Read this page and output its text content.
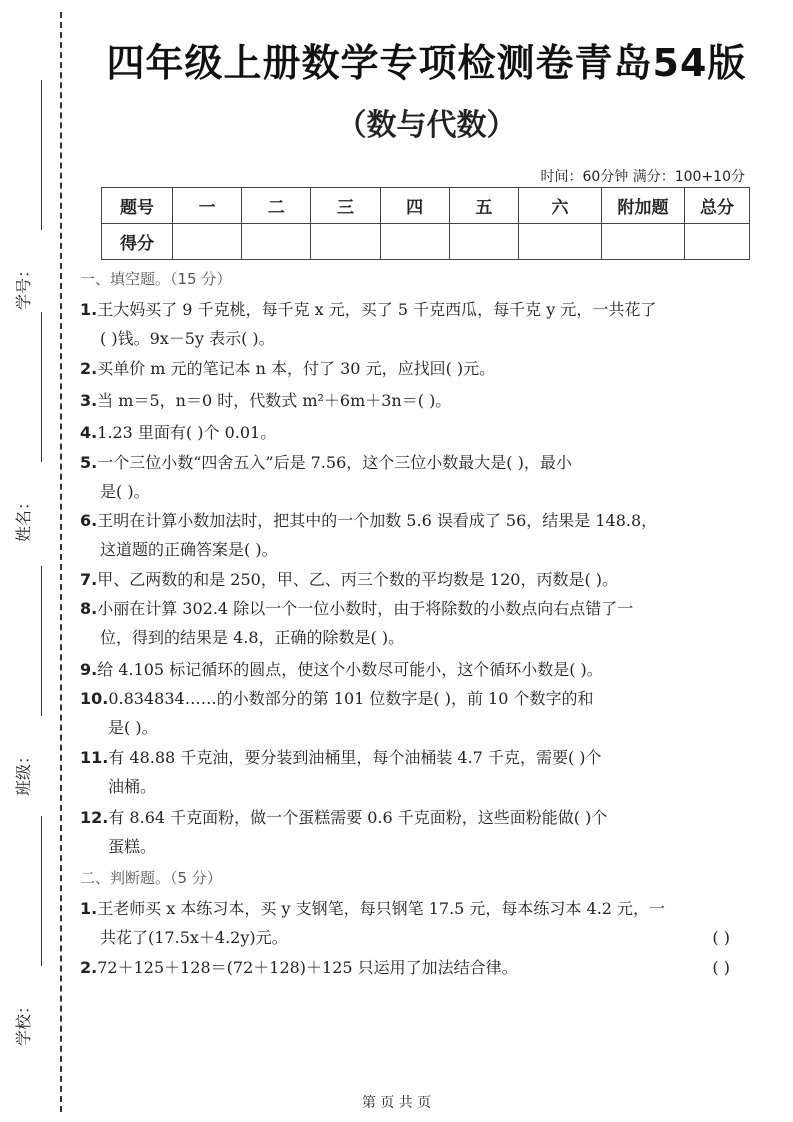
学号：
姓名：
班级：
学校：
四年级上册数学专项检测卷青岛54版
（数与代数）
时间：60分钟 满分：100+10分
题号	一	二	三	四	五	六	附加题	总分
得分								
一、填空题。（15 分）
1.王大妈买了 9 千克桃，每千克 x 元，买了 5 千克西瓜，每千克 y 元，一共花了
( )钱。9x－5y 表示( )。
2.买单价 m 元的笔记本 n 本，付了 30 元，应找回( )元。
3.当 m＝5，n＝0 时，代数式 m²＋6m＋3n＝( )。
4.1.23 里面有( )个 0.01。
5.一个三位小数“四舍五入”后是 7.56，这个三位小数最大是( )，最小
是( )。
6.王明在计算小数加法时，把其中的一个加数 5.6 误看成了 56，结果是 148.8，
这道题的正确答案是( )。
7.甲、乙两数的和是 250，甲、乙、丙三个数的平均数是 120，丙数是( )。
8.小丽在计算 302.4 除以一个一位小数时，由于将除数的小数点向右点错了一
位，得到的结果是 4.8，正确的除数是( )。
9.给 4.105 标记循环的圆点，使这个小数尽可能小，这个循环小数是( )。
10.0.834834……的小数部分的第 101 位数字是( )，前 10 个数字的和
是( )。
11.有 48.88 千克油，要分装到油桶里，每个油桶装 4.7 千克，需要( )个
油桶。
12.有 8.64 千克面粉，做一个蛋糕需要 0.6 千克面粉，这些面粉能做( )个
蛋糕。
二、判断题。（5 分）
1.王老师买 x 本练习本，买 y 支钢笔，每只钢笔 17.5 元，每本练习本 4.2 元，一
共花了(17.5x＋4.2y)元。	( )
2.72＋125＋128＝(72＋128)＋125 只运用了加法结合律。	( )
第 页 共 页
